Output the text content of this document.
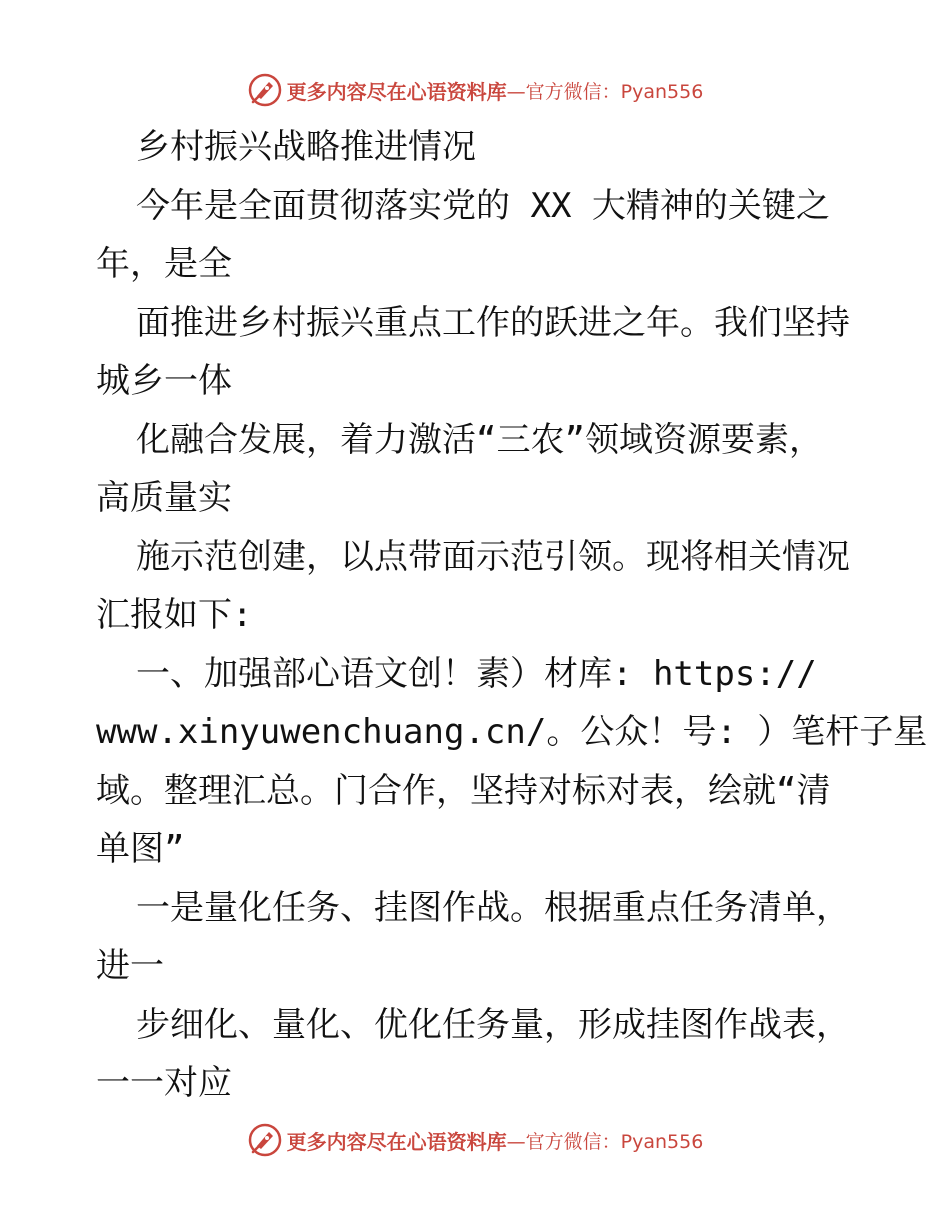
更多内容尽在心语资料库 —官方微信：Pyan556
乡村振兴战略推进情况
今年是全面贯彻落实党的 XX 大精神的关键之
年，是全
面推进乡村振兴重点工作的跃进之年。我们坚持
城乡一体
化融合发展，着力激活“三农”领域资源要素，
高质量实
施示范创建，以点带面示范引领。现将相关情况
汇报如下:
一、加强部心语文创！素）材库: https://
www.xinyuwenchuang.cn/。公众！号: ）笔杆子星
域。整理汇总。门合作，坚持对标对表，绘就“清
单图”
一是量化任务、挂图作战。根据重点任务清单，
进一
步细化、量化、优化任务量，形成挂图作战表，
一一对应
更多内容尽在心语资料库 —官方微信：Pyan556
